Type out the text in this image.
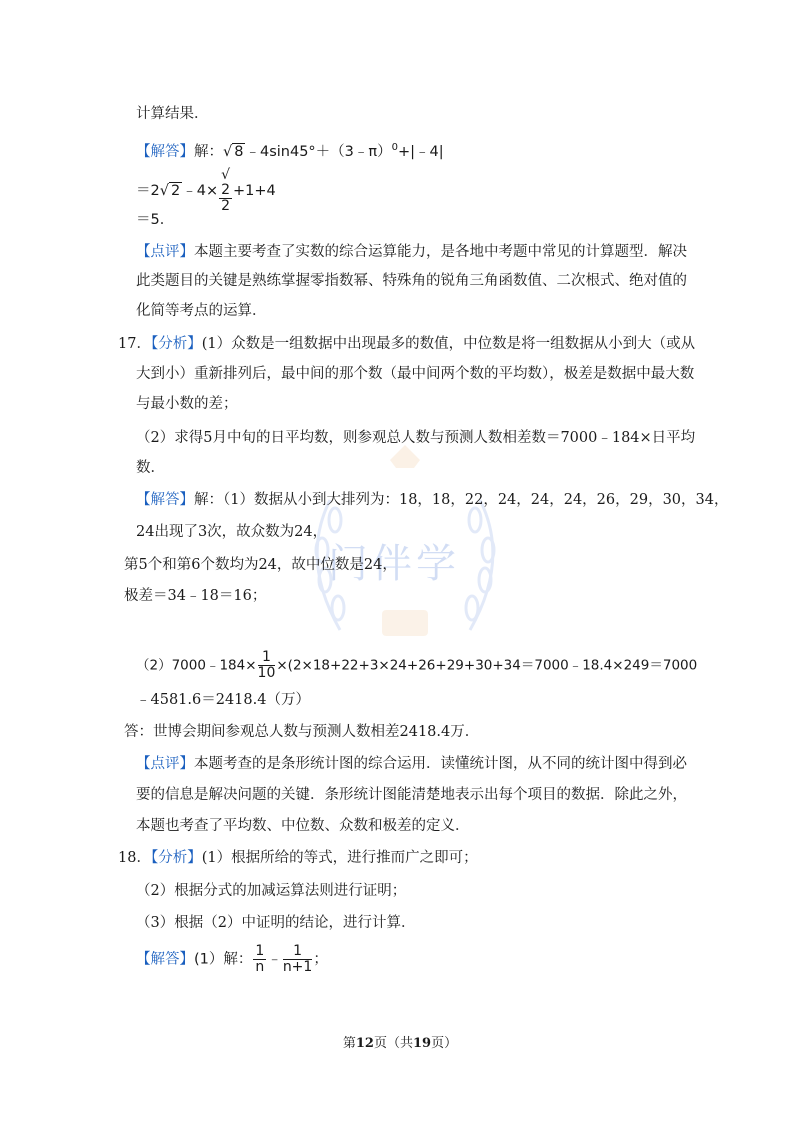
门伴学
计算结果．
【解答】解：√ 8 ﹣4sin45°＋（3﹣π）$^0$+|﹣4|
＝2√ 2 ﹣4× √
2
2 +1+4
＝5．
【点评】本题主要考查了实数的综合运算能力，是各地中考题中常见的计算题型．解决
此类题目的关键是熟练掌握零指数幂、特殊角的锐角三角函数值、二次根式、绝对值的
化简等考点的运算．
17．【分析】(1）众数是一组数据中出现最多的数值，中位数是将一组数据从小到大（或从
大到小）重新排列后，最中间的那个数（最中间两个数的平均数），极差是数据中最大数
与最小数的差；
（2）求得5月中旬的日平均数，则参观总人数与预测人数相差数＝7000﹣184×日平均
数．
【解答】解：（1）数据从小到大排列为：18，18，22，24，24，24，26，29，30，34，
24出现了3次，故众数为24，
第5个和第6个数均为24，故中位数是24，
极差＝34﹣18＝16；
（2）7000﹣184× $\frac{1}{10}$ ×(2×18+22+3×24+26+29+30+34＝7000﹣18.4×249＝7000
﹣4581.6＝2418.4（万）
答：世博会期间参观总人数与预测人数相差2418.4万．
【点评】本题考查的是条形统计图的综合运用．读懂统计图，从不同的统计图中得到必
要的信息是解决问题的关键．条形统计图能清楚地表示出每个项目的数据．除此之外，
本题也考查了平均数、中位数、众数和极差的定义．
18．【分析】(1）根据所给的等式，进行推而广之即可；
（2）根据分式的加减运算法则进行证明；
（3）根据（2）中证明的结论，进行计算．
【解答】(1）解： $\frac{1}{n}$ ﹣ $\frac{1}{n+1}$ ；
第12页（共19页）
